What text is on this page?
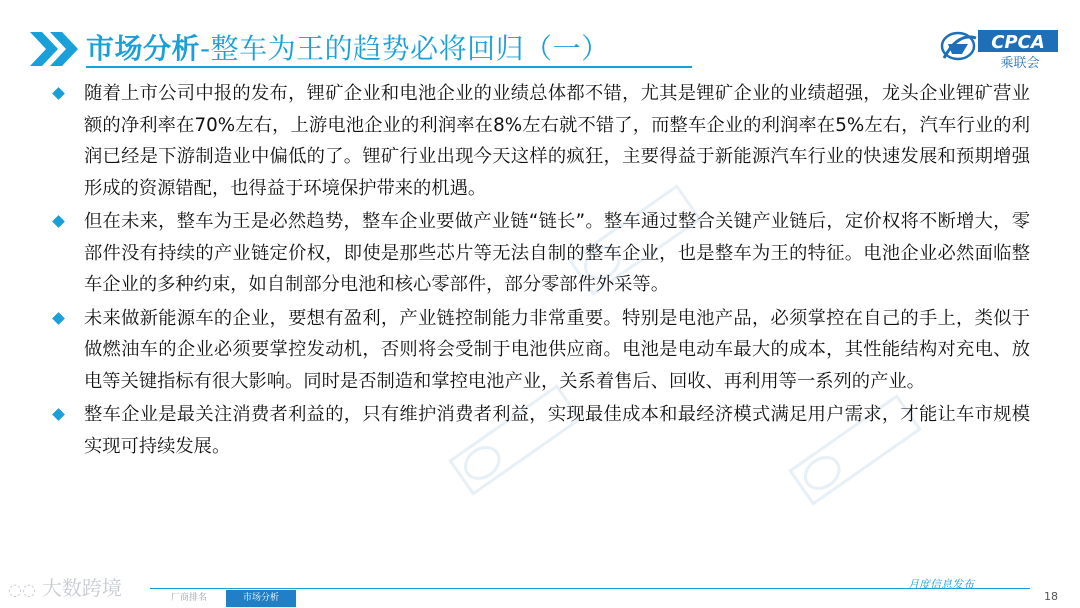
市场分析-整车为王的趋势必将回归（一）	CPCA
乘联会
随着上市公司中报的发布，锂矿企业和电池企业的业绩总体都不错，尤其是锂矿企业的业绩超强，龙头企业锂矿营业额的净利率在70%左右，上游电池企业的利润率在8%左右就不错了，而整车企业的利润率在5%左右，汽车行业的利润已经是下游制造业中偏低的了。锂矿行业出现今天这样的疯狂，主要得益于新能源汽车行业的快速发展和预期增强形成的资源错配，也得益于环境保护带来的机遇。
但在未来，整车为王是必然趋势，整车企业要做产业链“链长”。整车通过整合关键产业链后，定价权将不断增大，零部件没有持续的产业链定价权，即使是那些芯片等无法自制的整车企业，也是整车为王的特征。电池企业必然面临整车企业的多种约束，如自制部分电池和核心零部件，部分零部件外采等。
未来做新能源车的企业，要想有盈利，产业链控制能力非常重要。特别是电池产品，必须掌控在自己的手上，类似于做燃油车的企业必须要掌控发动机，否则将会受制于电池供应商。电池是电动车最大的成本，其性能结构对充电、放电等关键指标有很大影响。同时是否制造和掌控电池产业，关系着售后、回收、再利用等一系列的产业。
整车企业是最关注消费者利益的，只有维护消费者利益，实现最佳成本和最经济模式满足用户需求，才能让车市规模实现可持续发展。
◌◌ 大数跨境	厂商排名	市场分析
月度信息发布
18
